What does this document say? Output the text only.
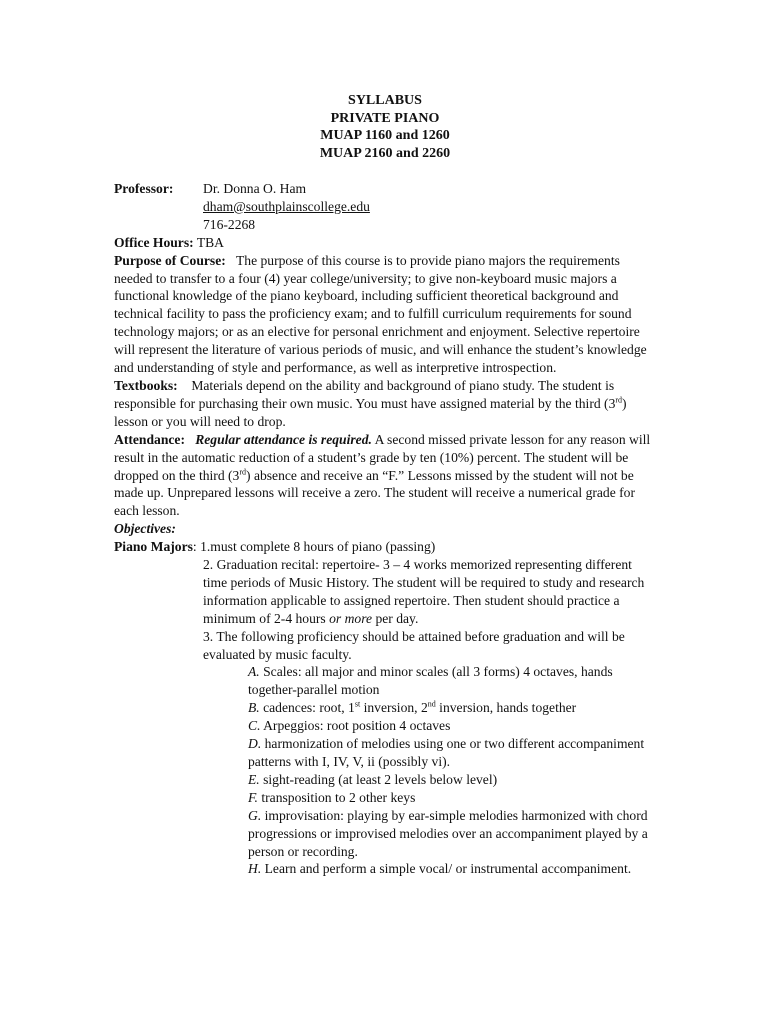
SYLLABUS
PRIVATE PIANO
MUAP 1160 and 1260
MUAP 2160 and 2260
Professor:	Dr. Donna O. Ham
dham@southplainscollege.edu
716-2268

Office Hours: TBA

Purpose of Course: The purpose of this course is to provide piano majors the requirements needed to transfer to a four (4) year college/university; to give non-keyboard music majors a functional knowledge of the piano keyboard, including sufficient theoretical background and technical facility to pass the proficiency exam; and to fulfill curriculum requirements for sound technology majors; or as an elective for personal enrichment and enjoyment. Selective repertoire will represent the literature of various periods of music, and will enhance the student’s knowledge and understanding of style and performance, as well as interpretive introspection.

Textbooks: Materials depend on the ability and background of piano study. The student is responsible for purchasing their own music. You must have assigned material by the third (3rd) lesson or you will need to drop.

Attendance: Regular attendance is required. A second missed private lesson for any reason will result in the automatic reduction of a student’s grade by ten (10%) percent. The student will be dropped on the third (3rd) absence and receive an “F.” Lessons missed by the student will not be made up. Unprepared lessons will receive a zero. The student will receive a numerical grade for each lesson.

Objectives:

Piano Majors: 1.must complete 8 hours of piano (passing)

2. Graduation recital: repertoire- 3 – 4 works memorized representing different time periods of Music History. The student will be required to study and research information applicable to assigned repertoire. Then student should practice a minimum of 2-4 hours or more per day.

3. The following proficiency should be attained before graduation and will be evaluated by music faculty.

A. Scales: all major and minor scales (all 3 forms) 4 octaves, hands together-parallel motion

B. cadences: root, 1st inversion, 2nd inversion, hands together

C. Arpeggios: root position 4 octaves

D. harmonization of melodies using one or two different accompaniment patterns with I, IV, V, ii (possibly vi).

E. sight-reading (at least 2 levels below level)

F. transposition to 2 other keys

G. improvisation: playing by ear-simple melodies harmonized with chord progressions or improvised melodies over an accompaniment played by a person or recording.

H. Learn and perform a simple vocal/ or instrumental accompaniment.
